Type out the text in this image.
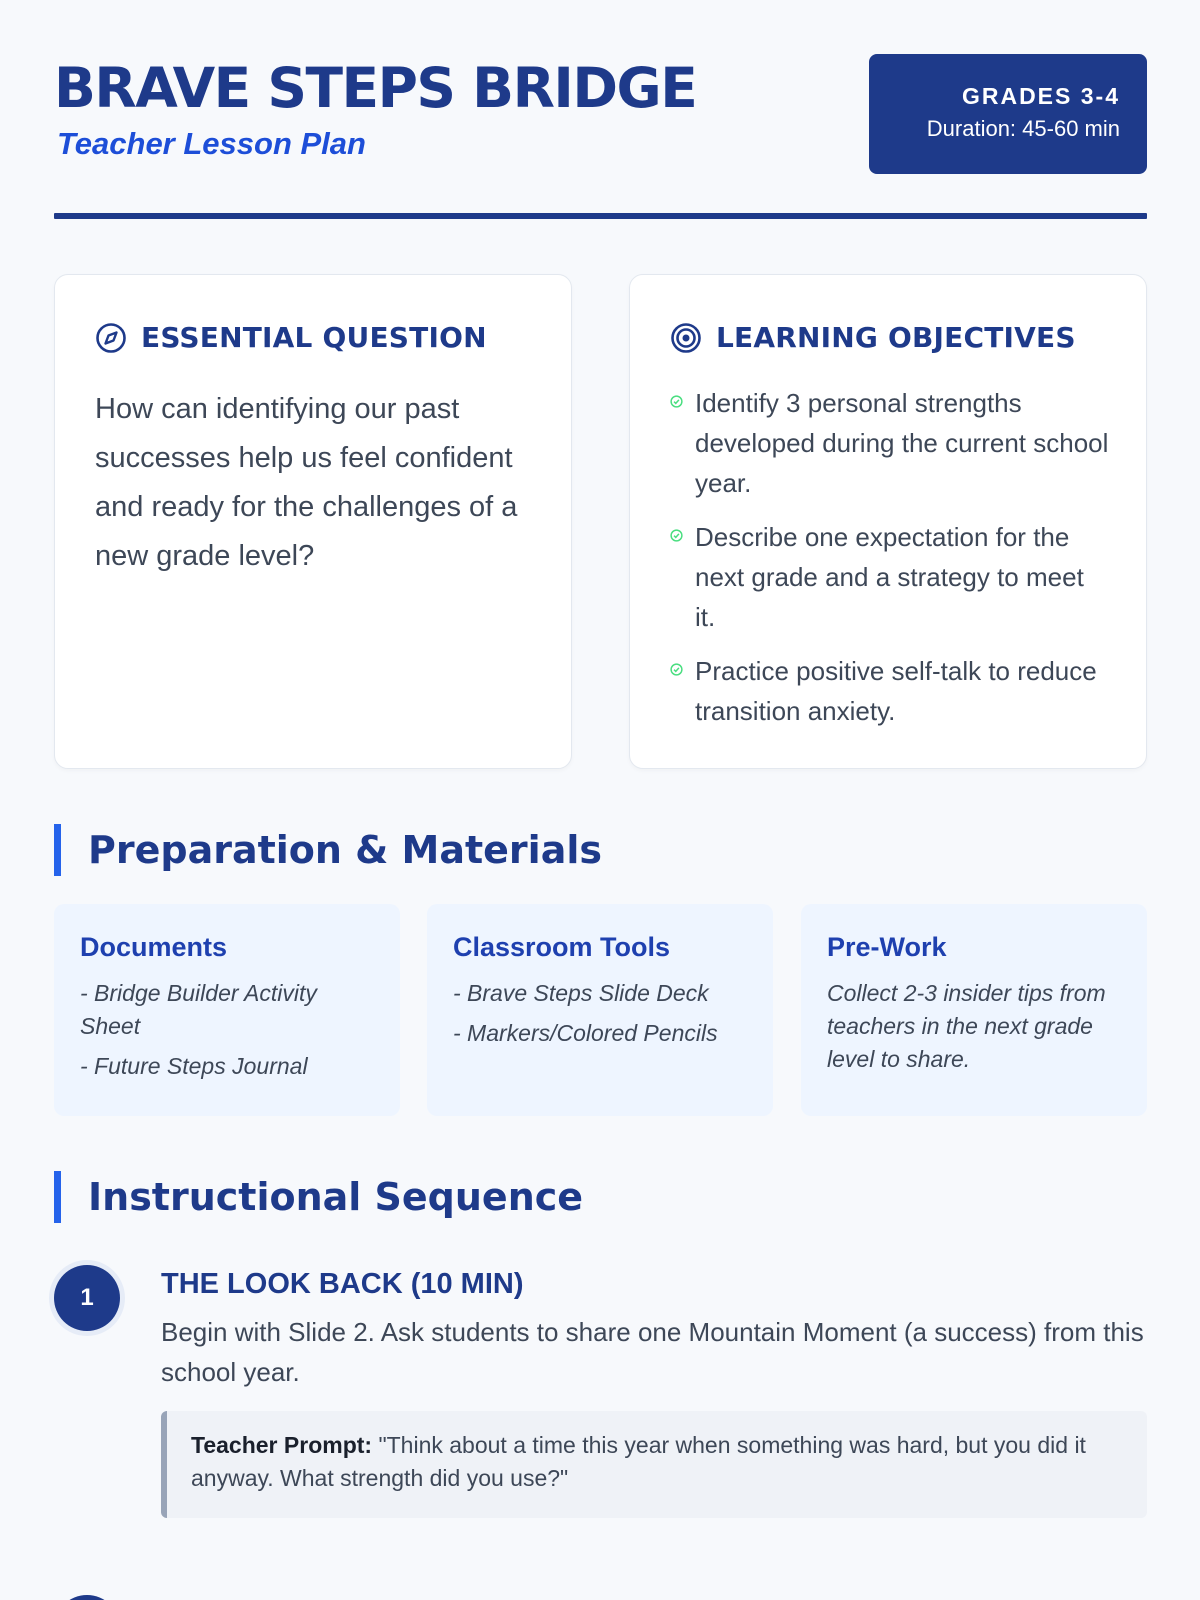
BRAVE STEPS BRIDGE
Teacher Lesson Plan
GRADES 3-4
Duration: 45-60 min
ESSENTIAL QUESTION
How can identifying our past successes help us feel confident and ready for the challenges of a new grade level?
LEARNING OBJECTIVES
Identify 3 personal strengths developed during the current school year.
Describe one expectation for the next grade and a strategy to meet it.
Practice positive self-talk to reduce transition anxiety.
Preparation & Materials
Documents
- Bridge Builder Activity Sheet
- Future Steps Journal
Classroom Tools
- Brave Steps Slide Deck
- Markers/Colored Pencils
Pre-Work
Collect 2-3 insider tips from teachers in the next grade level to share.
Instructional Sequence
1	THE LOOK BACK (10 MIN)
Begin with Slide 2. Ask students to share one Mountain Moment (a success) from this school year.
Teacher Prompt: "Think about a time this year when something was hard, but you did it anyway. What strength did you use?"
